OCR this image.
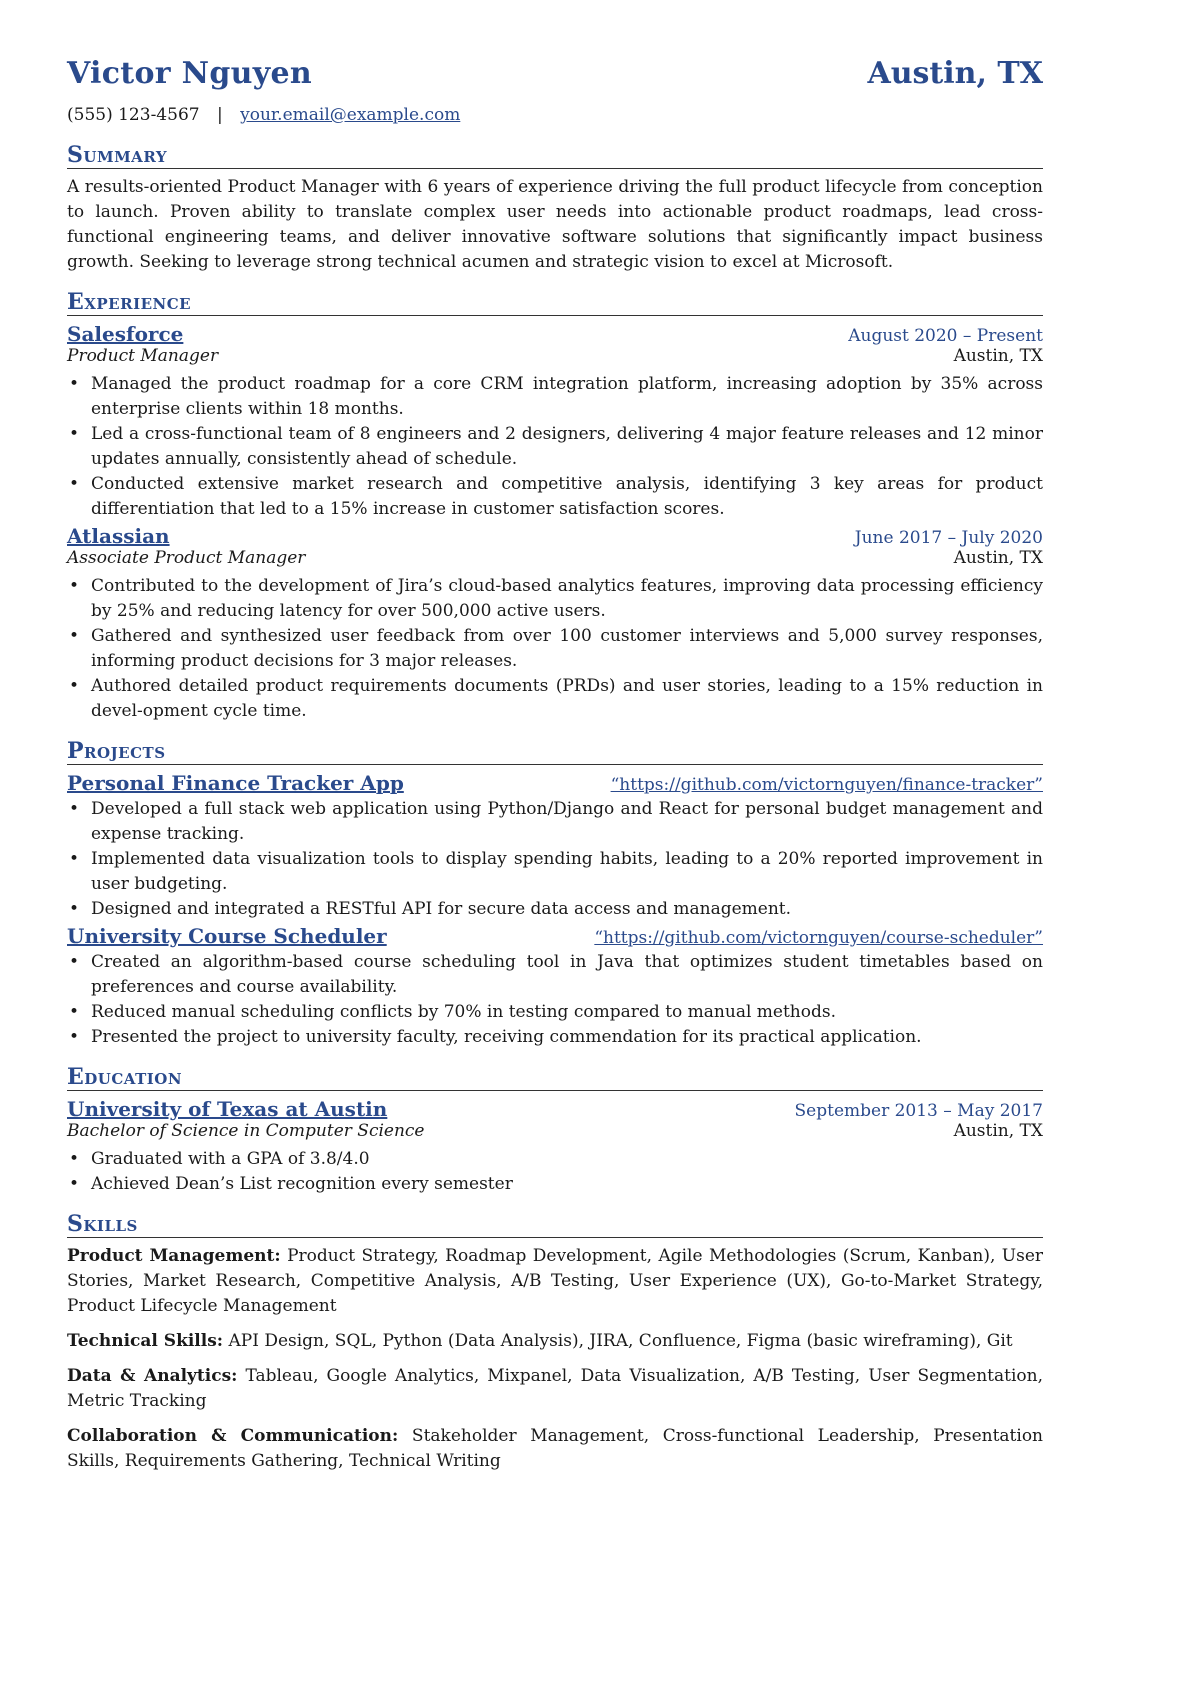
Victor Nguyen	Austin, TX
(555) 123-4567 | your.email@example.com
Summary
A results-oriented Product Manager with 6 years of experience driving the full product lifecycle from conception to launch. Proven ability to translate complex user needs into actionable product roadmaps, lead cross-functional engineering teams, and deliver innovative software solutions that significantly impact business growth. Seeking to leverage strong technical acumen and strategic vision to excel at Microsoft.
Experience
Salesforce	August 2020 – Present
Product Manager	Austin, TX
• Managed the product roadmap for a core CRM integration platform, increasing adoption by 35% across enterprise clients within 18 months.
• Led a cross-functional team of 8 engineers and 2 designers, delivering 4 major feature releases and 12 minor updates annually, consistently ahead of schedule.
• Conducted extensive market research and competitive analysis, identifying 3 key areas for product differentiation that led to a 15% increase in customer satisfaction scores.
Atlassian	June 2017 – July 2020
Associate Product Manager	Austin, TX
• Contributed to the development of Jira’s cloud-based analytics features, improving data processing efficiency by 25% and reducing latency for over 500,000 active users.
• Gathered and synthesized user feedback from over 100 customer interviews and 5,000 survey responses, informing product decisions for 3 major releases.
• Authored detailed product requirements documents (PRDs) and user stories, leading to a 15% reduction in devel-opment cycle time.
Projects
Personal Finance Tracker App	“https://github.com/victornguyen/finance-tracker”
• Developed a full stack web application using Python/Django and React for personal budget management and expense tracking.
• Implemented data visualization tools to display spending habits, leading to a 20% reported improvement in user budgeting.
• Designed and integrated a RESTful API for secure data access and management.
University Course Scheduler	“https://github.com/victornguyen/course-scheduler”
• Created an algorithm-based course scheduling tool in Java that optimizes student timetables based on preferences and course availability.
• Reduced manual scheduling conflicts by 70% in testing compared to manual methods.
• Presented the project to university faculty, receiving commendation for its practical application.
Education
University of Texas at Austin	September 2013 – May 2017
Bachelor of Science in Computer Science	Austin, TX
• Graduated with a GPA of 3.8/4.0
• Achieved Dean’s List recognition every semester
Skills
Product Management: Product Strategy, Roadmap Development, Agile Methodologies (Scrum, Kanban), User Stories, Market Research, Competitive Analysis, A/B Testing, User Experience (UX), Go-to-Market Strategy, Product Lifecycle Management
Technical Skills: API Design, SQL, Python (Data Analysis), JIRA, Confluence, Figma (basic wireframing), Git
Data & Analytics: Tableau, Google Analytics, Mixpanel, Data Visualization, A/B Testing, User Segmentation, Metric Tracking
Collaboration & Communication: Stakeholder Management, Cross-functional Leadership, Presentation Skills, Requirements Gathering, Technical Writing
